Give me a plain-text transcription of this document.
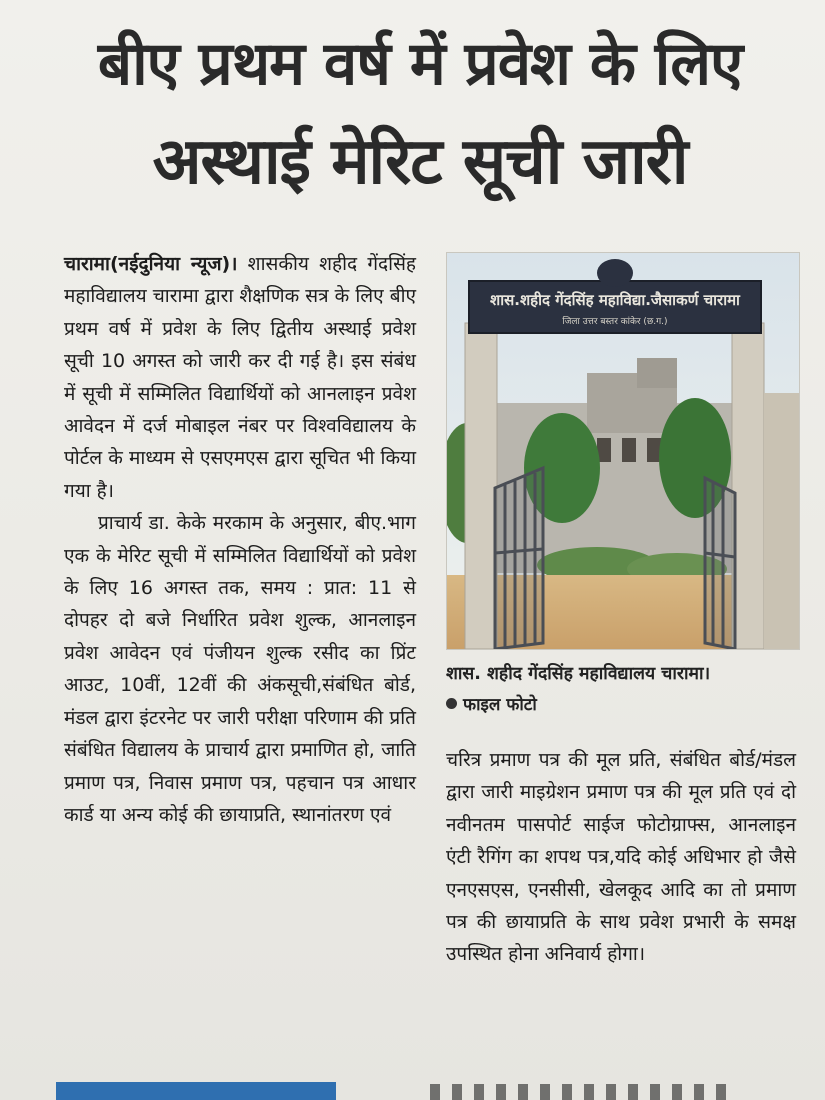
बीए प्रथम वर्ष में प्रवेश के लिए
अस्थाई मेरिट सूची जारी

चारामा(नईदुनिया न्यूज)। शासकीय शहीद गेंदसिंह महाविद्यालय चारामा द्वारा शैक्षणिक सत्र के लिए बीए प्रथम वर्ष में प्रवेश के लिए द्वितीय अस्थाई प्रवेश सूची 10 अगस्त को जारी कर दी गई है। इस संबंध में सूची में सम्मिलित विद्यार्थियों को आनलाइन प्रवेश आवेदन में दर्ज मोबाइल नंबर पर विश्वविद्यालय के पोर्टल के माध्यम से एसएमएस द्वारा सूचित भी किया गया है।

प्राचार्य डा. केके मरकाम के अनुसार, बीए.भाग एक के मेरिट सूची में सम्मिलित विद्यार्थियों को प्रवेश के लिए 16 अगस्त तक, समय : प्रात: 11 से दोपहर दो बजे निर्धारित प्रवेश शुल्क, आनलाइन प्रवेश आवेदन एवं पंजीयन शुल्क रसीद का प्रिंट आउट, 10वीं, 12वीं की अंकसूची,संबंधित बोर्ड, मंडल द्वारा इंटरनेट पर जारी परीक्षा परिणाम की प्रति संबंधित विद्यालय के प्राचार्य द्वारा प्रमाणित हो, जाति प्रमाण पत्र, निवास प्रमाण पत्र, पहचान पत्र आधार कार्ड या अन्य कोई की छायाप्रति, स्थानांतरण एवं

शास.शहीद गेंदसिंह महाविद्या.जैसाकर्ण चारामा
जिला उत्तर बस्तर कांकेर (छ.ग.)
शास. शहीद गेंदसिंह महाविद्यालय चारामा।
फाइल फोटो

चरित्र प्रमाण पत्र की मूल प्रति, संबंधित बोर्ड/मंडल द्वारा जारी माइग्रेशन प्रमाण पत्र की मूल प्रति एवं दो नवीनतम पासपोर्ट साईज फोटोग्राफ्स, आनलाइन एंटी रैगिंग का शपथ पत्र,यदि कोई अधिभार हो जैसे एनएसएस, एनसीसी, खेलकूद आदि का तो प्रमाण पत्र की छायाप्रति के साथ प्रवेश प्रभारी के समक्ष उपस्थित होना अनिवार्य होगा।
